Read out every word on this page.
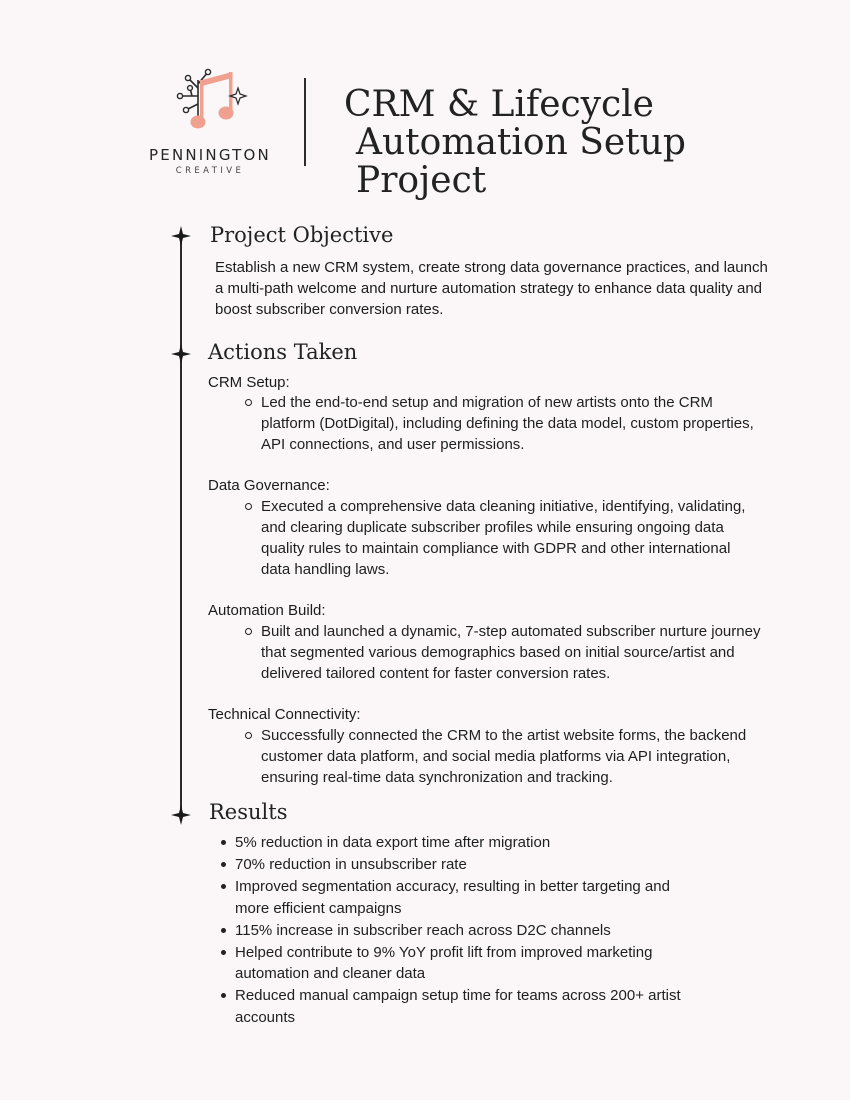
PENNINGTON
CREATIVE
CRM & Lifecycle
Automation Setup
Project
Project Objective

Establish a new CRM system, create strong data governance practices, and launch a multi-path welcome and nurture automation strategy to enhance data quality and boost subscriber conversion rates.

Actions Taken
CRM Setup:
Led the end-to-end setup and migration of new artists onto the CRM platform (DotDigital), including defining the data model, custom properties, API connections, and user permissions.
Data Governance:
Executed a comprehensive data cleaning initiative, identifying, validating, and clearing duplicate subscriber profiles while ensuring ongoing data quality rules to maintain compliance with GDPR and other international data handling laws.
Automation Build:
Built and launched a dynamic, 7-step automated subscriber nurture journey that segmented various demographics based on initial source/artist and delivered tailored content for faster conversion rates.
Technical Connectivity:
Successfully connected the CRM to the artist website forms, the backend customer data platform, and social media platforms via API integration, ensuring real-time data synchronization and tracking.
Results
5% reduction in data export time after migration
70% reduction in unsubscriber rate
Improved segmentation accuracy, resulting in better targeting and more efficient campaigns
115% increase in subscriber reach across D2C channels
Helped contribute to 9% YoY profit lift from improved marketing automation and cleaner data
Reduced manual campaign setup time for teams across 200+ artist accounts
